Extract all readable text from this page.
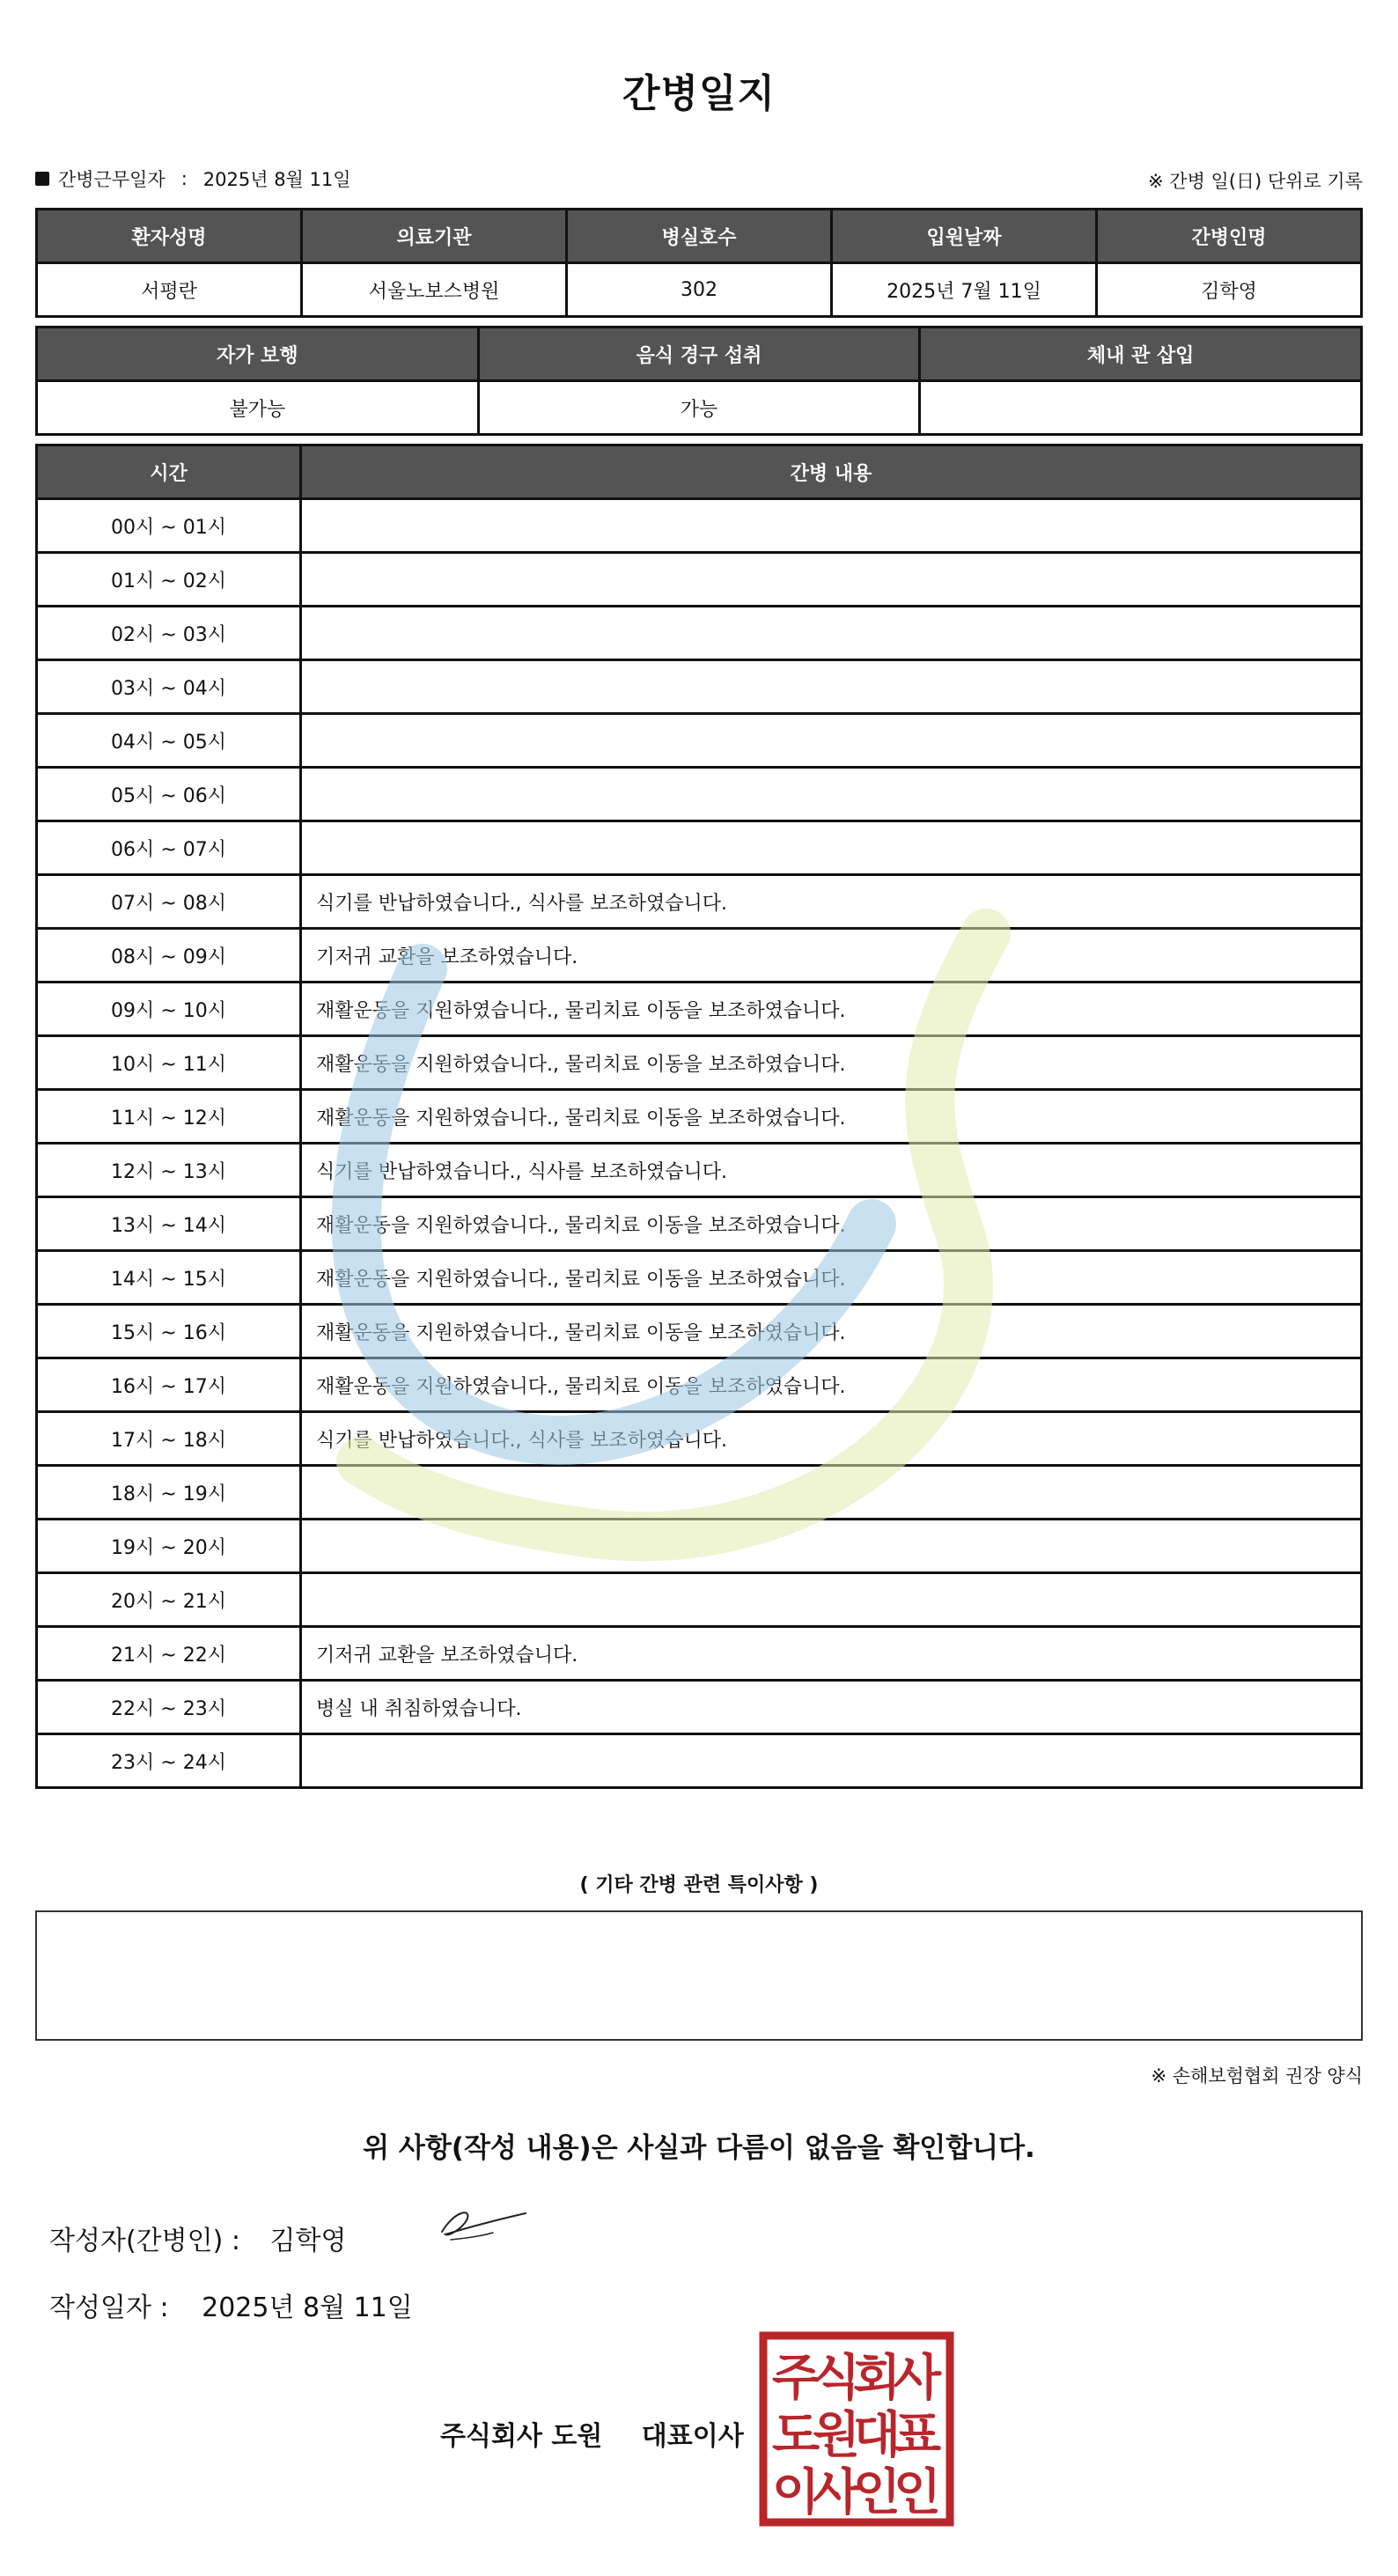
간병일지
간병근무일자 : 2025년 8월 11일	※ 간병 일(日) 단위로 기록
환자성명	의료기관	병실호수	입원날짜	간병인명
서평란	서울노보스병원	302	2025년 7월 11일	김학영
자가 보행	음식 경구 섭취	체내 관 삽입
불가능	가능	
시간	간병 내용
00시 ~ 01시	
01시 ~ 02시	
02시 ~ 03시	
03시 ~ 04시	
04시 ~ 05시	
05시 ~ 06시	
06시 ~ 07시	
07시 ~ 08시	식기를 반납하였습니다., 식사를 보조하였습니다.
08시 ~ 09시	기저귀 교환을 보조하였습니다.
09시 ~ 10시	재활운동을 지원하였습니다., 물리치료 이동을 보조하였습니다.
10시 ~ 11시	재활운동을 지원하였습니다., 물리치료 이동을 보조하였습니다.
11시 ~ 12시	재활운동을 지원하였습니다., 물리치료 이동을 보조하였습니다.
12시 ~ 13시	식기를 반납하였습니다., 식사를 보조하였습니다.
13시 ~ 14시	재활운동을 지원하였습니다., 물리치료 이동을 보조하였습니다.
14시 ~ 15시	재활운동을 지원하였습니다., 물리치료 이동을 보조하였습니다.
15시 ~ 16시	재활운동을 지원하였습니다., 물리치료 이동을 보조하였습니다.
16시 ~ 17시	재활운동을 지원하였습니다., 물리치료 이동을 보조하였습니다.
17시 ~ 18시	식기를 반납하였습니다., 식사를 보조하였습니다.
18시 ~ 19시	
19시 ~ 20시	
20시 ~ 21시	
21시 ~ 22시	기저귀 교환을 보조하였습니다.
22시 ~ 23시	병실 내 취침하였습니다.
23시 ~ 24시	
( 기타 간병 관련 특이사항 )
※ 손해보험협회 권장 양식
위 사항(작성 내용)은 사실과 다름이 없음을 확인합니다.
작성자(간병인) : 김학영
작성일자 : 2025년 8월 11일
주식회사 도원 대표이사
주
식
회
사
도
원
대
표
이
사
인
인
